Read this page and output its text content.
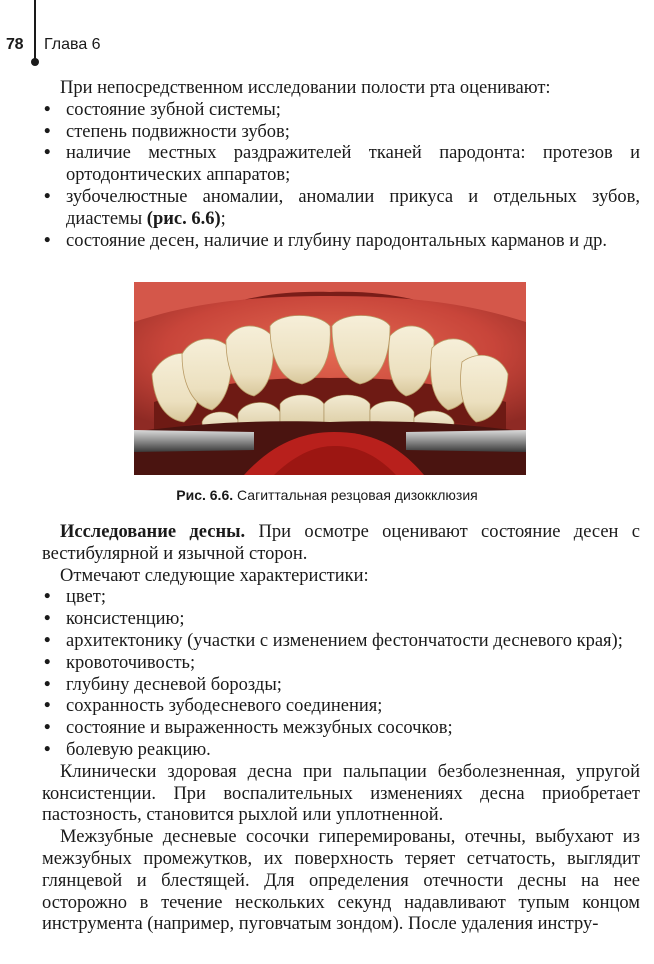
78 Глава 6

При непосредственном исследовании полости рта оценивают:

• состояние зубной системы;
• степень подвижности зубов;
• наличие местных раздражителей тканей пародонта: протезов и ортодонтических аппаратов;
• зубочелюстные аномалии, аномалии прикуса и отдельных зубов, диастемы (рис. 6.6);
• состояние десен, наличие и глубину пародонтальных карманов и др.
Рис. 6.6. Сагиттальная резцовая дизокклюзия

Исследование десны. При осмотре оценивают состояние десен с вестибулярной и язычной сторон.

Отмечают следующие характеристики:

• цвет;
• консистенцию;
• архитектонику (участки с изменением фестончатости десневого края);
• кровоточивость;
• глубину десневой борозды;
• сохранность зубодесневого соединения;
• состояние и выраженность межзубных сосочков;
• болевую реакцию.

Клинически здоровая десна при пальпации безболезненная, упругой консистенции. При воспалительных изменениях десна приобретает пастозность, становится рыхлой или уплотненной.

Межзубные десневые сосочки гиперемированы, отечны, выбухают из межзубных промежутков, их поверхность теряет сетчатость, выглядит глянцевой и блестящей. Для определения отечности десны на нее осторожно в течение нескольких секунд надавливают тупым концом инструмента (например, пуговчатым зондом). После удаления инстру-
